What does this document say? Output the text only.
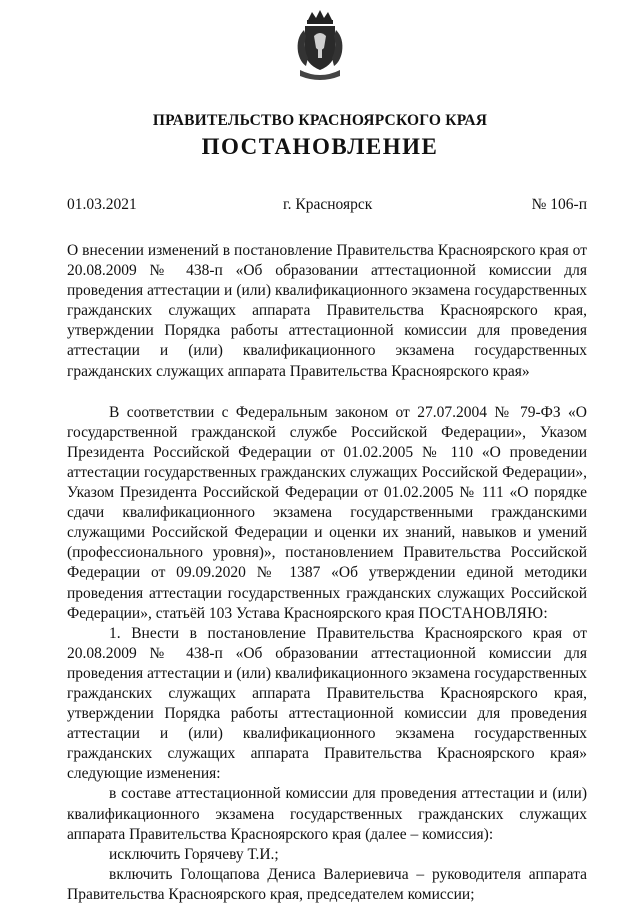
ПРАВИТЕЛЬСТВО КРАСНОЯРСКОГО КРАЯ
ПОСТАНОВЛЕНИЕ
01.03.2021	г. Красноярск	№ 106-п

О внесении изменений в постановление Правительства Красноярского края от 20.08.2009 № 438-п «Об образовании аттестационной комиссии для проведения аттестации и (или) квалификационного экзамена государственных гражданских служащих аппарата Правительства Красноярского края, утверждении Порядка работы аттестационной комиссии для проведения аттестации и (или) квалификационного экзамена государственных гражданских служащих аппарата Правительства Красноярского края»

В соответствии с Федеральным законом от 27.07.2004 № 79-ФЗ «О государственной гражданской службе Российской Федерации», Указом Президента Российской Федерации от 01.02.2005 № 110 «О проведении аттестации государственных гражданских служащих Российской Федерации», Указом Президента Российской Федерации от 01.02.2005 № 111 «О порядке сдачи квалификационного экзамена государственными гражданскими служащими Российской Федерации и оценки их знаний, навыков и умений (профессионального уровня)», постановлением Правительства Российской Федерации от 09.09.2020 № 1387 «Об утверждении единой методики проведения аттестации государственных гражданских служащих Российской Федерации», статьёй 103 Устава Красноярского края ПОСТАНОВЛЯЮ:

1. Внести в постановление Правительства Красноярского края от 20.08.2009 № 438-п «Об образовании аттестационной комиссии для проведения аттестации и (или) квалификационного экзамена государственных гражданских служащих аппарата Правительства Красноярского края, утверждении Порядка работы аттестационной комиссии для проведения аттестации и (или) квалификационного экзамена государственных гражданских служащих аппарата Правительства Красноярского края» следующие изменения:

в составе аттестационной комиссии для проведения аттестации и (или) квалификационного экзамена государственных гражданских служащих аппарата Правительства Красноярского края (далее – комиссия):

исключить Горячеву Т.И.;

включить Голощапова Дениса Валериевича – руководителя аппарата Правительства Красноярского края, председателем комиссии;
